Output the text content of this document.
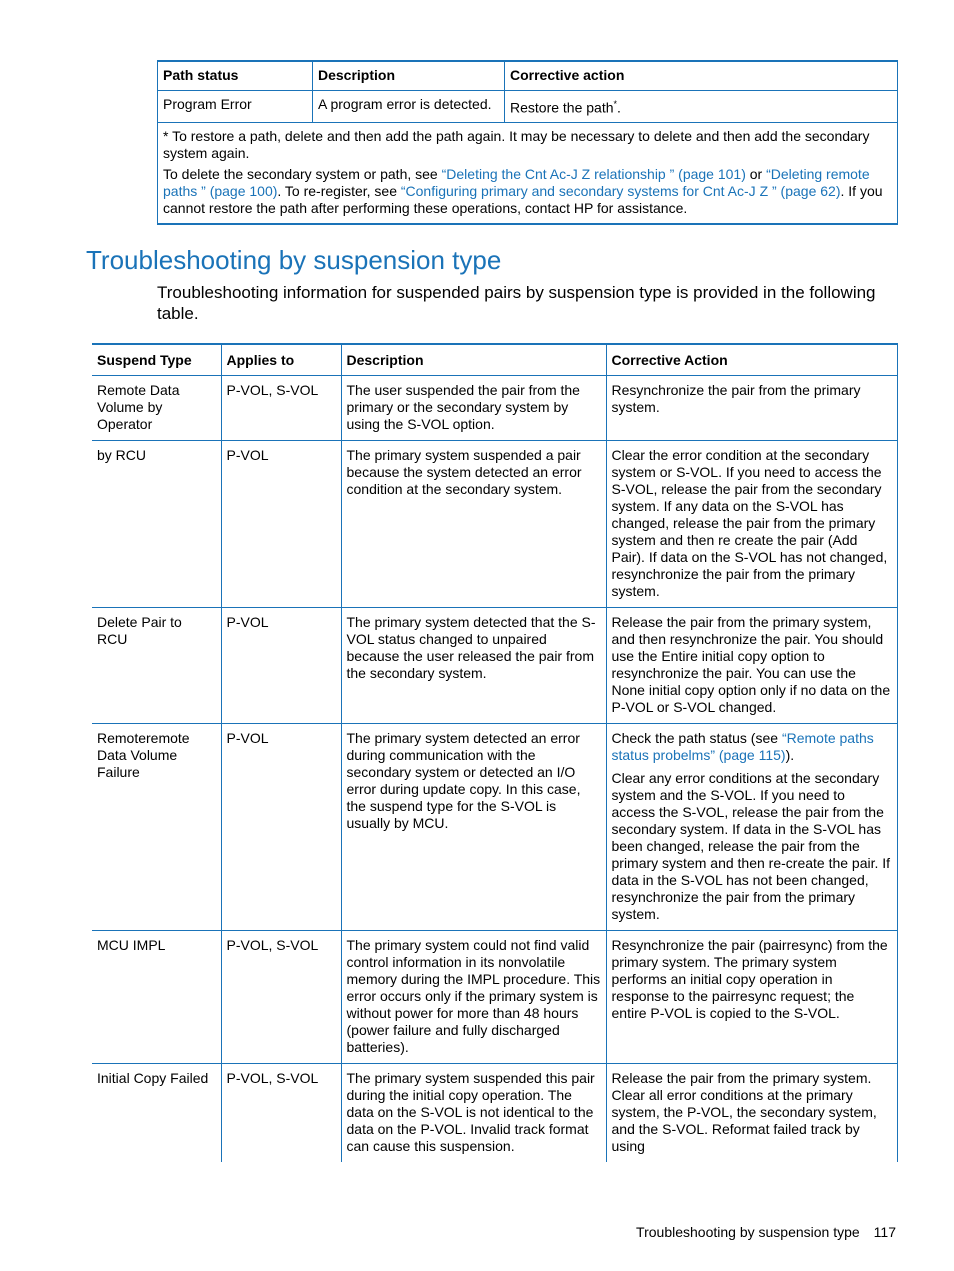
Path status	Description	Corrective action
Program Error	A program error is detected.	Restore the path*.

* To restore a path, delete and then add the path again. It may be necessary to delete and then add the secondary system again.

To delete the secondary system or path, see “Deleting the Cnt Ac-J Z relationship ” (page 101) or “Deleting remote paths ” (page 100). To re-register, see “Configuring primary and secondary systems for Cnt Ac-J Z ” (page 62). If you cannot restore the path after performing these operations, contact HP for assistance.		

Troubleshooting by suspension type

Troubleshooting information for suspended pairs by suspension type is provided in the following table.

Suspend Type	Applies to	Description	Corrective Action
Remote Data Volume by Operator	P-VOL, S-VOL	The user suspended the pair from the primary or the secondary system by using the S-VOL option.	Resynchronize the pair from the primary system.
by RCU	P-VOL	The primary system suspended a pair because the system detected an error condition at the secondary system.	Clear the error condition at the secondary system or S-VOL. If you need to access the S-VOL, release the pair from the secondary system. If any data on the S-VOL has changed, release the pair from the primary system and then re create the pair (Add Pair). If data on the S-VOL has not changed, resynchronize the pair from the primary system.
Delete Pair to RCU	P-VOL	The primary system detected that the S-VOL status changed to unpaired because the user released the pair from the secondary system.	Release the pair from the primary system, and then resynchronize the pair. You should use the Entire initial copy option to resynchronize the pair. You can use the None initial copy option only if no data on the P-VOL or S-VOL changed.
Remoteremote Data Volume Failure	P-VOL	The primary system detected an error during communication with the secondary system or detected an I/O error during update copy. In this case, the suspend type for the S-VOL is usually by MCU.	Check the path status (see “Remote paths status probelms” (page 115)).

Clear any error conditions at the secondary system and the S-VOL. If you need to access the S-VOL, release the pair from the secondary system. If data in the S-VOL has been changed, release the pair from the primary system and then re-create the pair. If data in the S-VOL has not been changed, resynchronize the pair from the primary system.

MCU IMPL	P-VOL, S-VOL	The primary system could not find valid control information in its nonvolatile memory during the IMPL procedure. This error occurs only if the primary system is without power for more than 48 hours (power failure and fully discharged batteries).	Resynchronize the pair (pairresync) from the primary system. The primary system performs an initial copy operation in response to the pairresync request; the entire P-VOL is copied to the S-VOL.
Initial Copy Failed	P-VOL, S-VOL	The primary system suspended this pair during the initial copy operation. The data on the S-VOL is not identical to the data on the P-VOL. Invalid track format can cause this suspension.	Release the pair from the primary system. Clear all error conditions at the primary system, the P-VOL, the secondary system, and the S-VOL. Reformat failed track by using
Troubleshooting by suspension type 117
